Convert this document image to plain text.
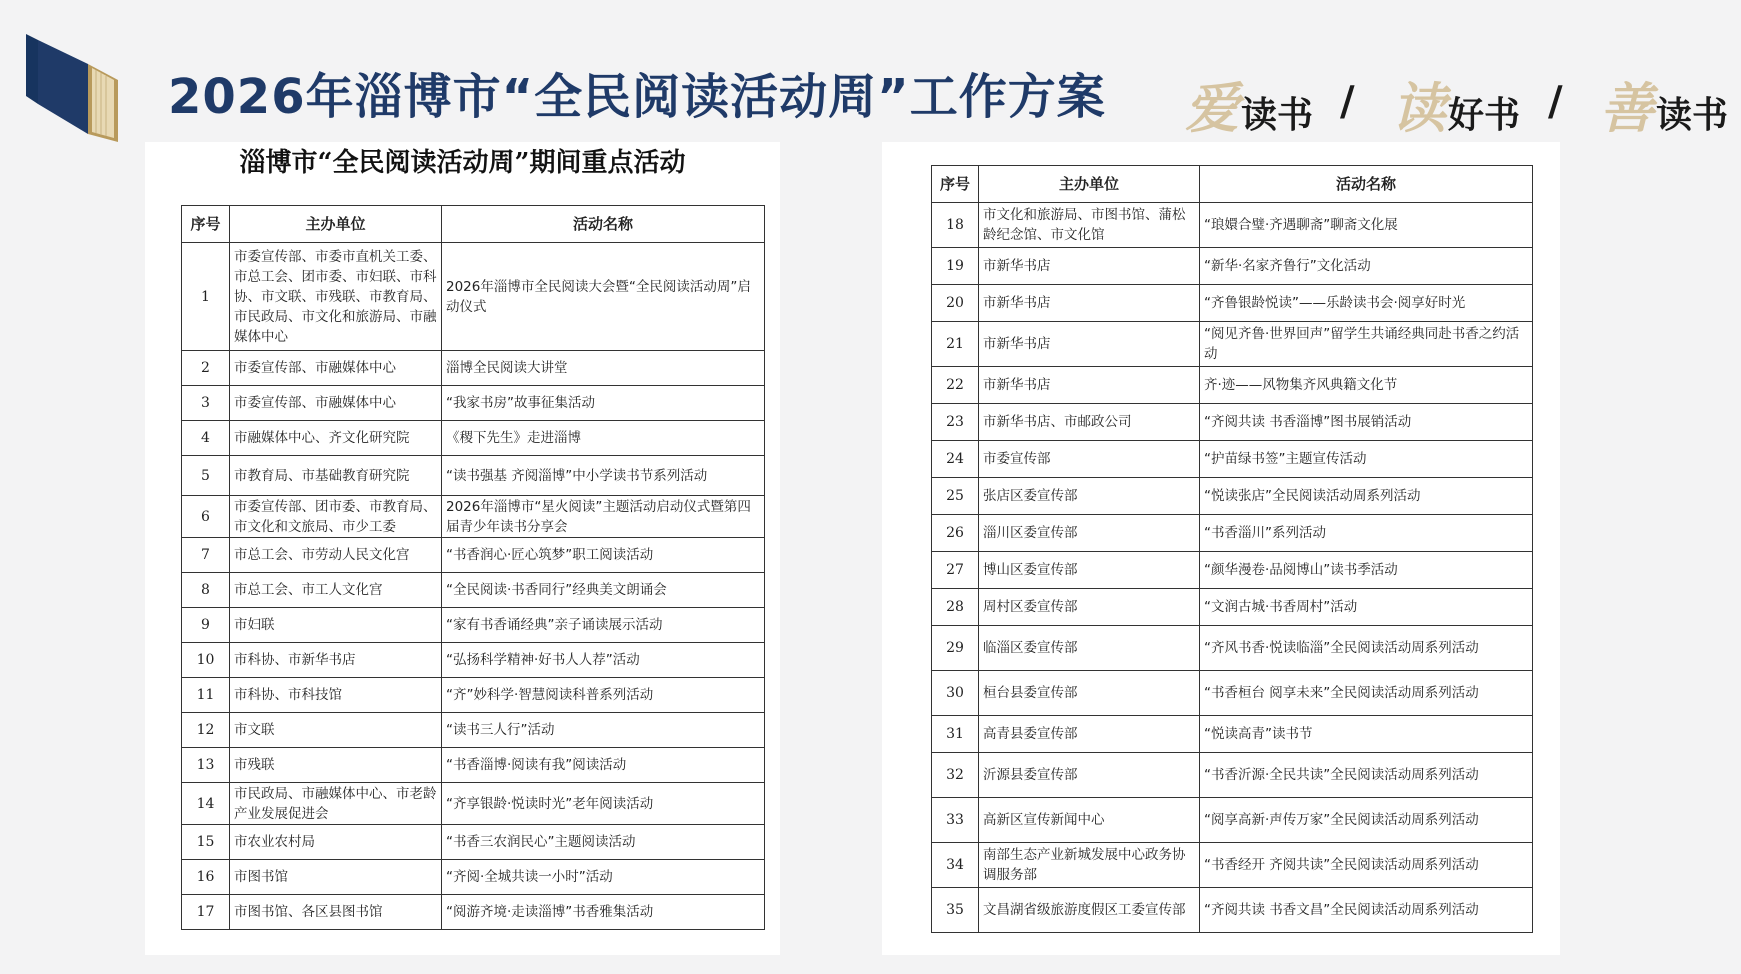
2026年淄博市“全民阅读活动周”工作方案 爱 读书 / 读 好书 / 善 读书
淄博市“全民阅读活动周”期间重点活动
序号	主办单位	活动名称
1	市委宣传部、市委市直机关工委、市总工会、团市委、市妇联、市科协、市文联、市残联、市教育局、市民政局、市文化和旅游局、市融媒体中心	2026年淄博市全民阅读大会暨“全民阅读活动周”启动仪式
2	市委宣传部、市融媒体中心	淄博全民阅读大讲堂
3	市委宣传部、市融媒体中心	“我家书房”故事征集活动
4	市融媒体中心、齐文化研究院	《稷下先生》走进淄博
5	市教育局、市基础教育研究院	“读书强基 齐阅淄博”中小学读书节系列活动
6	市委宣传部、团市委、市教育局、市文化和文旅局、市少工委	2026年淄博市“星火阅读”主题活动启动仪式暨第四届青少年读书分享会
7	市总工会、市劳动人民文化宫	“书香润心·匠心筑梦”职工阅读活动
8	市总工会、市工人文化宫	“全民阅读·书香同行”经典美文朗诵会
9	市妇联	“家有书香诵经典”亲子诵读展示活动
10	市科协、市新华书店	“弘扬科学精神·好书人人荐”活动
11	市科协、市科技馆	“齐”妙科学·智慧阅读科普系列活动
12	市文联	“读书三人行”活动
13	市残联	“书香淄博·阅读有我”阅读活动
14	市民政局、市融媒体中心、市老龄产业发展促进会	“齐享银龄·悦读时光”老年阅读活动
15	市农业农村局	“书香三农润民心”主题阅读活动
16	市图书馆	“齐阅·全城共读一小时”活动
17	市图书馆、各区县图书馆	“阅游齐境·走读淄博”书香雅集活动
序号	主办单位	活动名称
18	市文化和旅游局、市图书馆、蒲松龄纪念馆、市文化馆	“琅嬛合璧·齐遇聊斋”聊斋文化展
19	市新华书店	“新华·名家齐鲁行”文化活动
20	市新华书店	“齐鲁银龄悦读”——乐龄读书会·阅享好时光
21	市新华书店	“阅见齐鲁·世界回声”留学生共诵经典同赴书香之约活动
22	市新华书店	齐·迹——风物集齐风典籍文化节
23	市新华书店、市邮政公司	“齐阅共读 书香淄博”图书展销活动
24	市委宣传部	“护苗绿书签”主题宣传活动
25	张店区委宣传部	“悦读张店”全民阅读活动周系列活动
26	淄川区委宣传部	“书香淄川”系列活动
27	博山区委宣传部	“颜华漫卷·品阅博山”读书季活动
28	周村区委宣传部	“文润古城·书香周村”活动
29	临淄区委宣传部	“齐风书香·悦读临淄”全民阅读活动周系列活动
30	桓台县委宣传部	“书香桓台 阅享未来”全民阅读活动周系列活动
31	高青县委宣传部	“悦读高青”读书节
32	沂源县委宣传部	“书香沂源·全民共读”全民阅读活动周系列活动
33	高新区宣传新闻中心	“阅享高新·声传万家”全民阅读活动周系列活动
34	南部生态产业新城发展中心政务协调服务部	“书香经开 齐阅共读”全民阅读活动周系列活动
35	文昌湖省级旅游度假区工委宣传部	“齐阅共读 书香文昌”全民阅读活动周系列活动
